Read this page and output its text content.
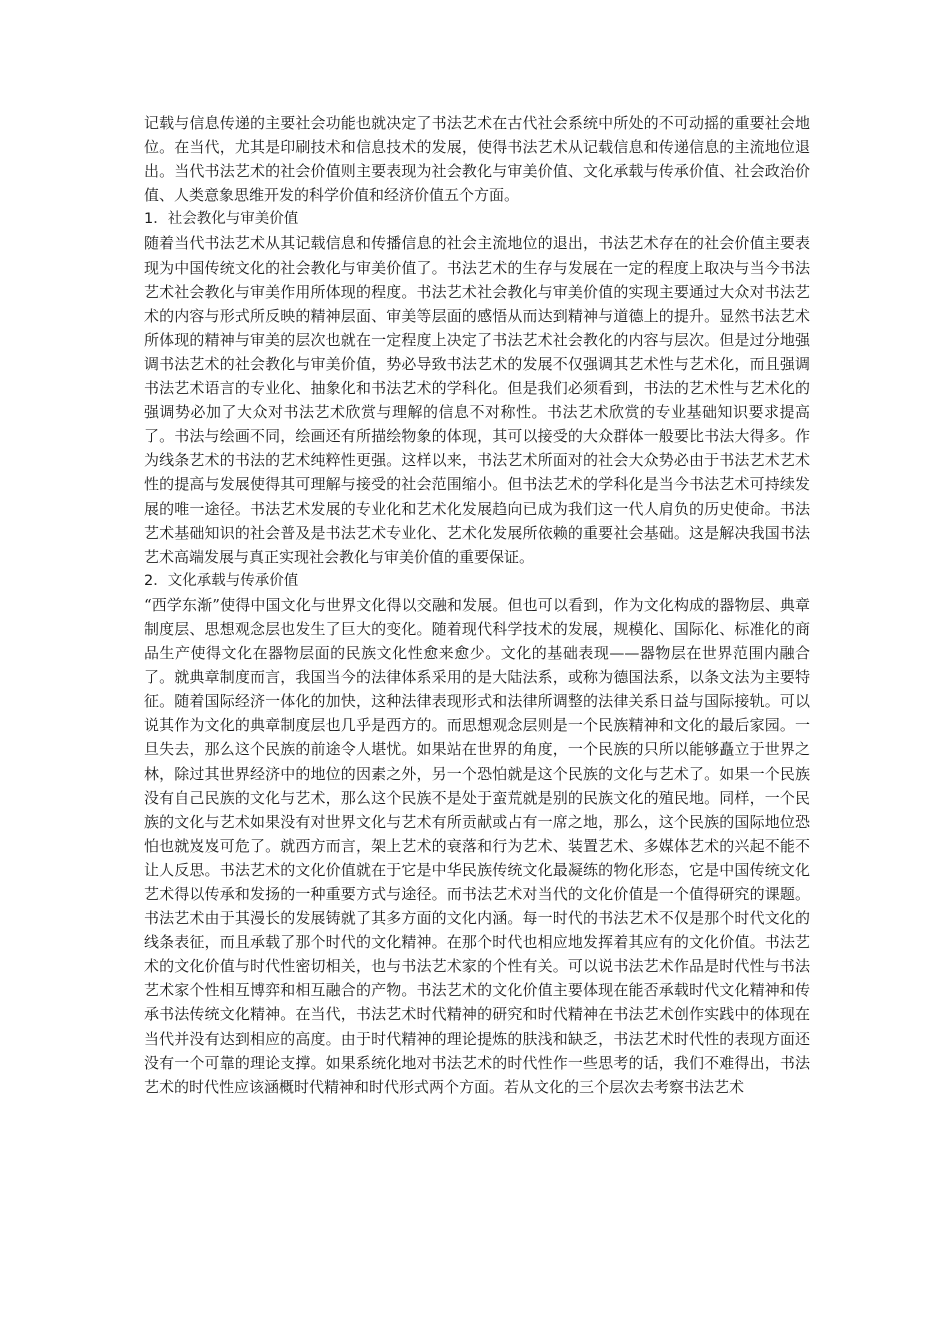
记载与信息传递的主要社会功能也就决定了书法艺术在古代社会系统中所处的不可动摇的重要社会地位。在当代，尤其是印刷技术和信息技术的发展，使得书法艺术从记载信息和传递信息的主流地位退出。当代书法艺术的社会价值则主要表现为社会教化与审美价值、文化承载与传承价值、社会政治价值、人类意象思维开发的科学价值和经济价值五个方面。

1．社会教化与审美价值

随着当代书法艺术从其记载信息和传播信息的社会主流地位的退出，书法艺术存在的社会价值主要表现为中国传统文化的社会教化与审美价值了。书法艺术的生存与发展在一定的程度上取决与当今书法艺术社会教化与审美作用所体现的程度。书法艺术社会教化与审美价值的实现主要通过大众对书法艺术的内容与形式所反映的精神层面、审美等层面的感悟从而达到精神与道德上的提升。显然书法艺术所体现的精神与审美的层次也就在一定程度上决定了书法艺术社会教化的内容与层次。但是过分地强调书法艺术的社会教化与审美价值，势必导致书法艺术的发展不仅强调其艺术性与艺术化，而且强调书法艺术语言的专业化、抽象化和书法艺术的学科化。但是我们必须看到，书法的艺术性与艺术化的强调势必加了大众对书法艺术欣赏与理解的信息不对称性。书法艺术欣赏的专业基础知识要求提高了。书法与绘画不同，绘画还有所描绘物象的体现，其可以接受的大众群体一般要比书法大得多。作为线条艺术的书法的艺术纯粹性更强。这样以来，书法艺术所面对的社会大众势必由于书法艺术艺术性的提高与发展使得其可理解与接受的社会范围缩小。但书法艺术的学科化是当今书法艺术可持续发展的唯一途径。书法艺术发展的专业化和艺术化发展趋向已成为我们这一代人肩负的历史使命。书法艺术基础知识的社会普及是书法艺术专业化、艺术化发展所依赖的重要社会基础。这是解决我国书法艺术高端发展与真正实现社会教化与审美价值的重要保证。

2．文化承载与传承价值

“西学东渐”使得中国文化与世界文化得以交融和发展。但也可以看到，作为文化构成的器物层、典章制度层、思想观念层也发生了巨大的变化。随着现代科学技术的发展，规模化、国际化、标准化的商品生产使得文化在器物层面的民族文化性愈来愈少。文化的基础表现——器物层在世界范围内融合了。就典章制度而言，我国当今的法律体系采用的是大陆法系，或称为德国法系，以条文法为主要特征。随着国际经济一体化的加快，这种法律表现形式和法律所调整的法律关系日益与国际接轨。可以说其作为文化的典章制度层也几乎是西方的。而思想观念层则是一个民族精神和文化的最后家园。一旦失去，那么这个民族的前途令人堪忧。如果站在世界的角度，一个民族的只所以能够矗立于世界之林，除过其世界经济中的地位的因素之外，另一个恐怕就是这个民族的文化与艺术了。如果一个民族没有自己民族的文化与艺术，那么这个民族不是处于蛮荒就是别的民族文化的殖民地。同样，一个民族的文化与艺术如果没有对世界文化与艺术有所贡献或占有一席之地，那么，这个民族的国际地位恐怕也就岌岌可危了。就西方而言，架上艺术的衰落和行为艺术、装置艺术、多媒体艺术的兴起不能不让人反思。书法艺术的文化价值就在于它是中华民族传统文化最凝练的物化形态，它是中国传统文化艺术得以传承和发扬的一种重要方式与途径。而书法艺术对当代的文化价值是一个值得研究的课题。书法艺术由于其漫长的发展铸就了其多方面的文化内涵。每一时代的书法艺术不仅是那个时代文化的线条表征，而且承载了那个时代的文化精神。在那个时代也相应地发挥着其应有的文化价值。书法艺术的文化价值与时代性密切相关，也与书法艺术家的个性有关。可以说书法艺术作品是时代性与书法艺术家个性相互博弈和相互融合的产物。书法艺术的文化价值主要体现在能否承载时代文化精神和传承书法传统文化精神。在当代，书法艺术时代精神的研究和时代精神在书法艺术创作实践中的体现在当代并没有达到相应的高度。由于时代精神的理论提炼的肤浅和缺乏，书法艺术时代性的表现方面还没有一个可靠的理论支撑。如果系统化地对书法艺术的时代性作一些思考的话，我们不难得出，书法艺术的时代性应该涵概时代精神和时代形式两个方面。若从文化的三个层次去考察书法艺术
